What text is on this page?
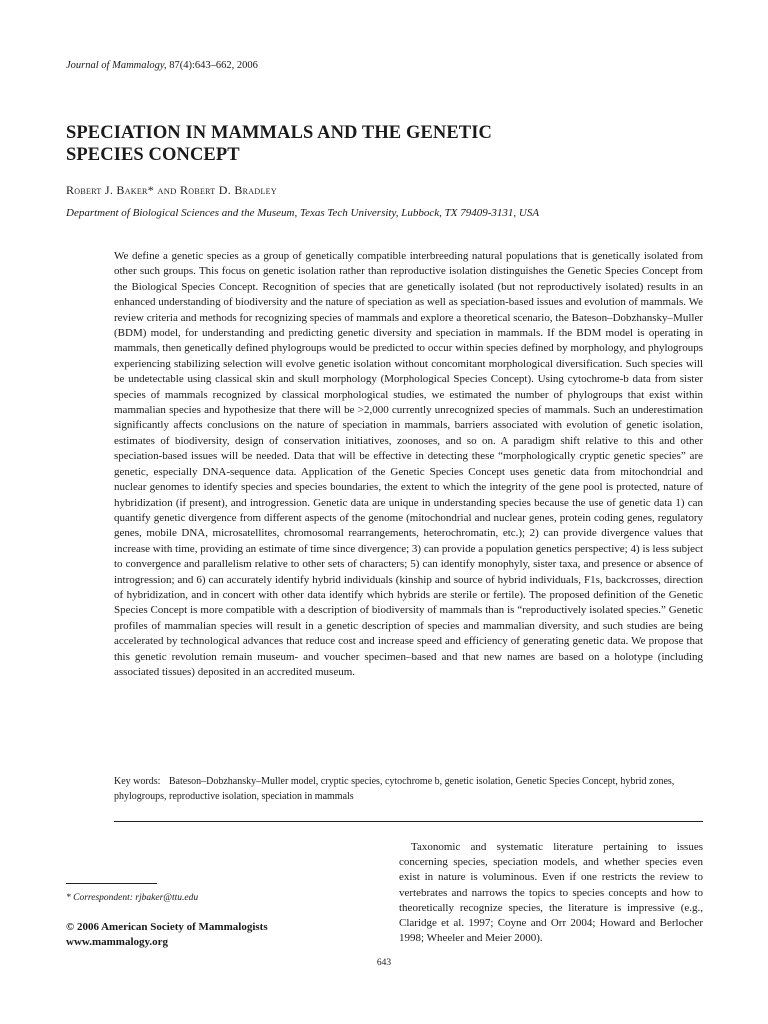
Journal of Mammalogy, 87(4):643–662, 2006
SPECIATION IN MAMMALS AND THE GENETIC
SPECIES CONCEPT
Robert J. Baker* AND Robert D. Bradley
Department of Biological Sciences and the Museum, Texas Tech University, Lubbock, TX 79409-3131, USA
We define a genetic species as a group of genetically compatible interbreeding natural populations that is genetically isolated from other such groups. This focus on genetic isolation rather than reproductive isolation distinguishes the Genetic Species Concept from the Biological Species Concept. Recognition of species that are genetically isolated (but not reproductively isolated) results in an enhanced understanding of biodiversity and the nature of speciation as well as speciation-based issues and evolution of mammals. We review criteria and methods for recognizing species of mammals and explore a theoretical scenario, the Bateson–Dobzhansky–Muller (BDM) model, for understanding and predicting genetic diversity and speciation in mammals. If the BDM model is operating in mammals, then genetically defined phylogroups would be predicted to occur within species defined by morphology, and phylogroups experiencing stabilizing selection will evolve genetic isolation without concomitant morphological diversification. Such species will be undetectable using classical skin and skull morphology (Morphological Species Concept). Using cytochrome-b data from sister species of mammals recognized by classical morphological studies, we estimated the number of phylogroups that exist within mammalian species and hypothesize that there will be >2,000 currently unrecognized species of mammals. Such an underestimation significantly affects conclusions on the nature of speciation in mammals, barriers associated with evolution of genetic isolation, estimates of biodiversity, design of conservation initiatives, zoonoses, and so on. A paradigm shift relative to this and other speciation-based issues will be needed. Data that will be effective in detecting these “morphologically cryptic genetic species” are genetic, especially DNA-sequence data. Application of the Genetic Species Concept uses genetic data from mitochondrial and nuclear genomes to identify species and species boundaries, the extent to which the integrity of the gene pool is protected, nature of hybridization (if present), and introgression. Genetic data are unique in understanding species because the use of genetic data 1) can quantify genetic divergence from different aspects of the genome (mitochondrial and nuclear genes, protein coding genes, regulatory genes, mobile DNA, microsatellites, chromosomal rearrangements, heterochromatin, etc.); 2) can provide divergence values that increase with time, providing an estimate of time since divergence; 3) can provide a population genetics perspective; 4) is less subject to convergence and parallelism relative to other sets of characters; 5) can identify monophyly, sister taxa, and presence or absence of introgression; and 6) can accurately identify hybrid individuals (kinship and source of hybrid individuals, F1s, backcrosses, direction of hybridization, and in concert with other data identify which hybrids are sterile or fertile). The proposed definition of the Genetic Species Concept is more compatible with a description of biodiversity of mammals than is “reproductively isolated species.” Genetic profiles of mammalian species will result in a genetic description of species and mammalian diversity, and such studies are being accelerated by technological advances that reduce cost and increase speed and efficiency of generating genetic data. We propose that this genetic revolution remain museum- and voucher specimen–based and that new names are based on a holotype (including associated tissues) deposited in an accredited museum.
Key words: Bateson–Dobzhansky–Muller model, cryptic species, cytochrome b, genetic isolation, Genetic Species Concept, hybrid zones, phylogroups, reproductive isolation, speciation in mammals
Taxonomic and systematic literature pertaining to issues concerning species, speciation models, and whether species even exist in nature is voluminous. Even if one restricts the review to vertebrates and narrows the topics to species concepts and how to theoretically recognize species, the literature is impressive (e.g., Claridge et al. 1997; Coyne and Orr 2004; Howard and Berlocher 1998; Wheeler and Meier 2000).
* Correspondent: rjbaker@ttu.edu
© 2006 American Society of Mammalogists
www.mammalogy.org
643
